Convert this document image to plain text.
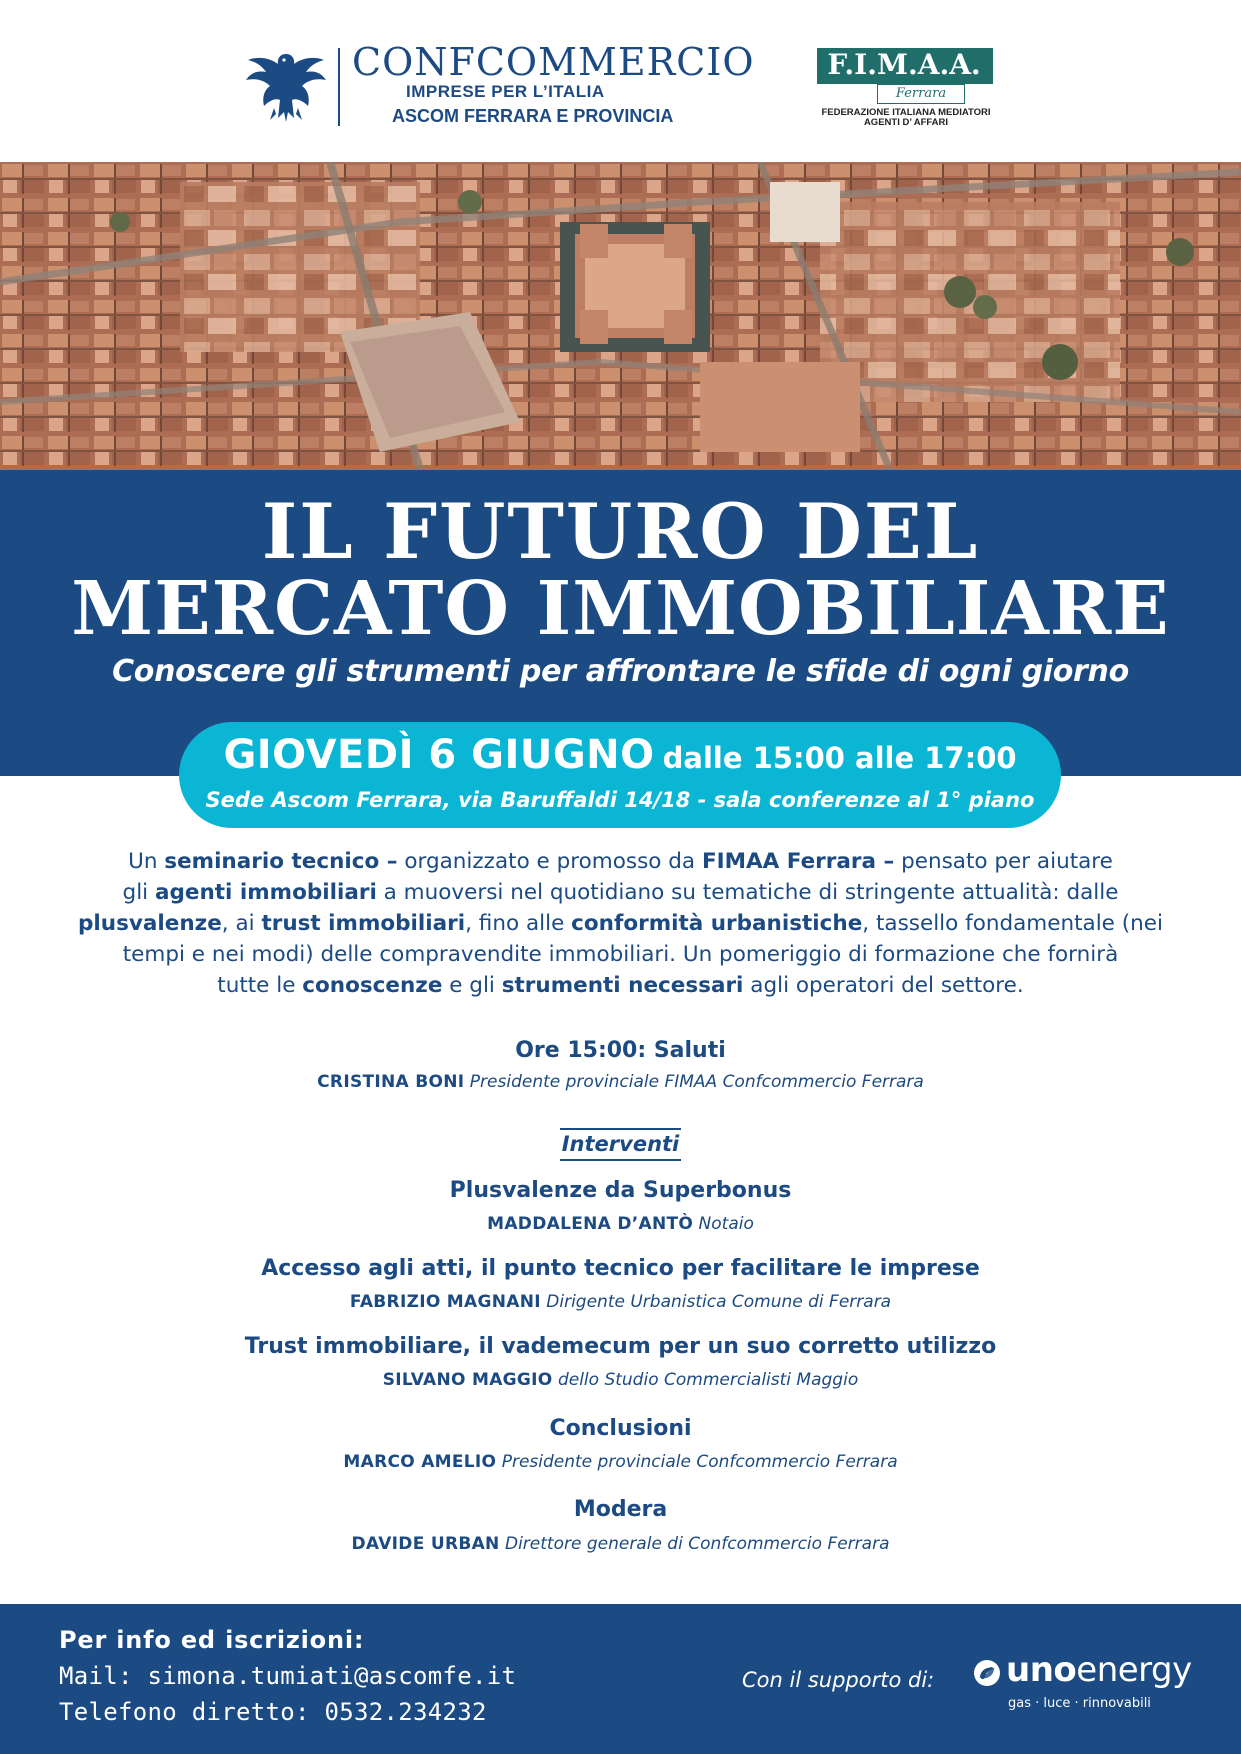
CONFCOMMERCIO
IMPRESE PER L’ITALIA
ASCOM FERRARA E PROVINCIA
F.I.M.A.A.
Ferrara
FEDERAZIONE ITALIANA MEDIATORI
AGENTI D’ AFFARI
IL FUTURO DEL
MERCATO IMMOBILIARE
Conoscere gli strumenti per affrontare le sfide di ogni giorno
GIOVEDÌ 6 GIUGNO dalle 15:00 alle 17:00
Sede Ascom Ferrara, via Baruffaldi 14/18 - sala conferenze al 1° piano

Un seminario tecnico – organizzato e promosso da FIMAA Ferrara – pensato per aiutare

gli agenti immobiliari a muoversi nel quotidiano su tematiche di stringente attualità: dalle

plusvalenze, ai trust immobiliari, fino alle conformità urbanistiche, tassello fondamentale (nei

tempi e nei modi) delle compravendite immobiliari. Un pomeriggio di formazione che fornirà

tutte le conoscenze e gli strumenti necessari agli operatori del settore.

Ore 15:00: Saluti
CRISTINA BONI Presidente provinciale FIMAA Confcommercio Ferrara
Interventi
Plusvalenze da Superbonus
MADDALENA D’ANTÒ Notaio
Accesso agli atti, il punto tecnico per facilitare le imprese
FABRIZIO MAGNANI Dirigente Urbanistica Comune di Ferrara
Trust immobiliare, il vademecum per un suo corretto utilizzo
SILVANO MAGGIO dello Studio Commercialisti Maggio
Conclusioni
MARCO AMELIO Presidente provinciale Confcommercio Ferrara
Modera
DAVIDE URBAN Direttore generale di Confcommercio Ferrara
Per info ed iscrizioni:
Mail: simona.tumiati@ascomfe.it
Telefono diretto: 0532.234232
Con il supporto di: unoenergy
gas · luce · rinnovabili
